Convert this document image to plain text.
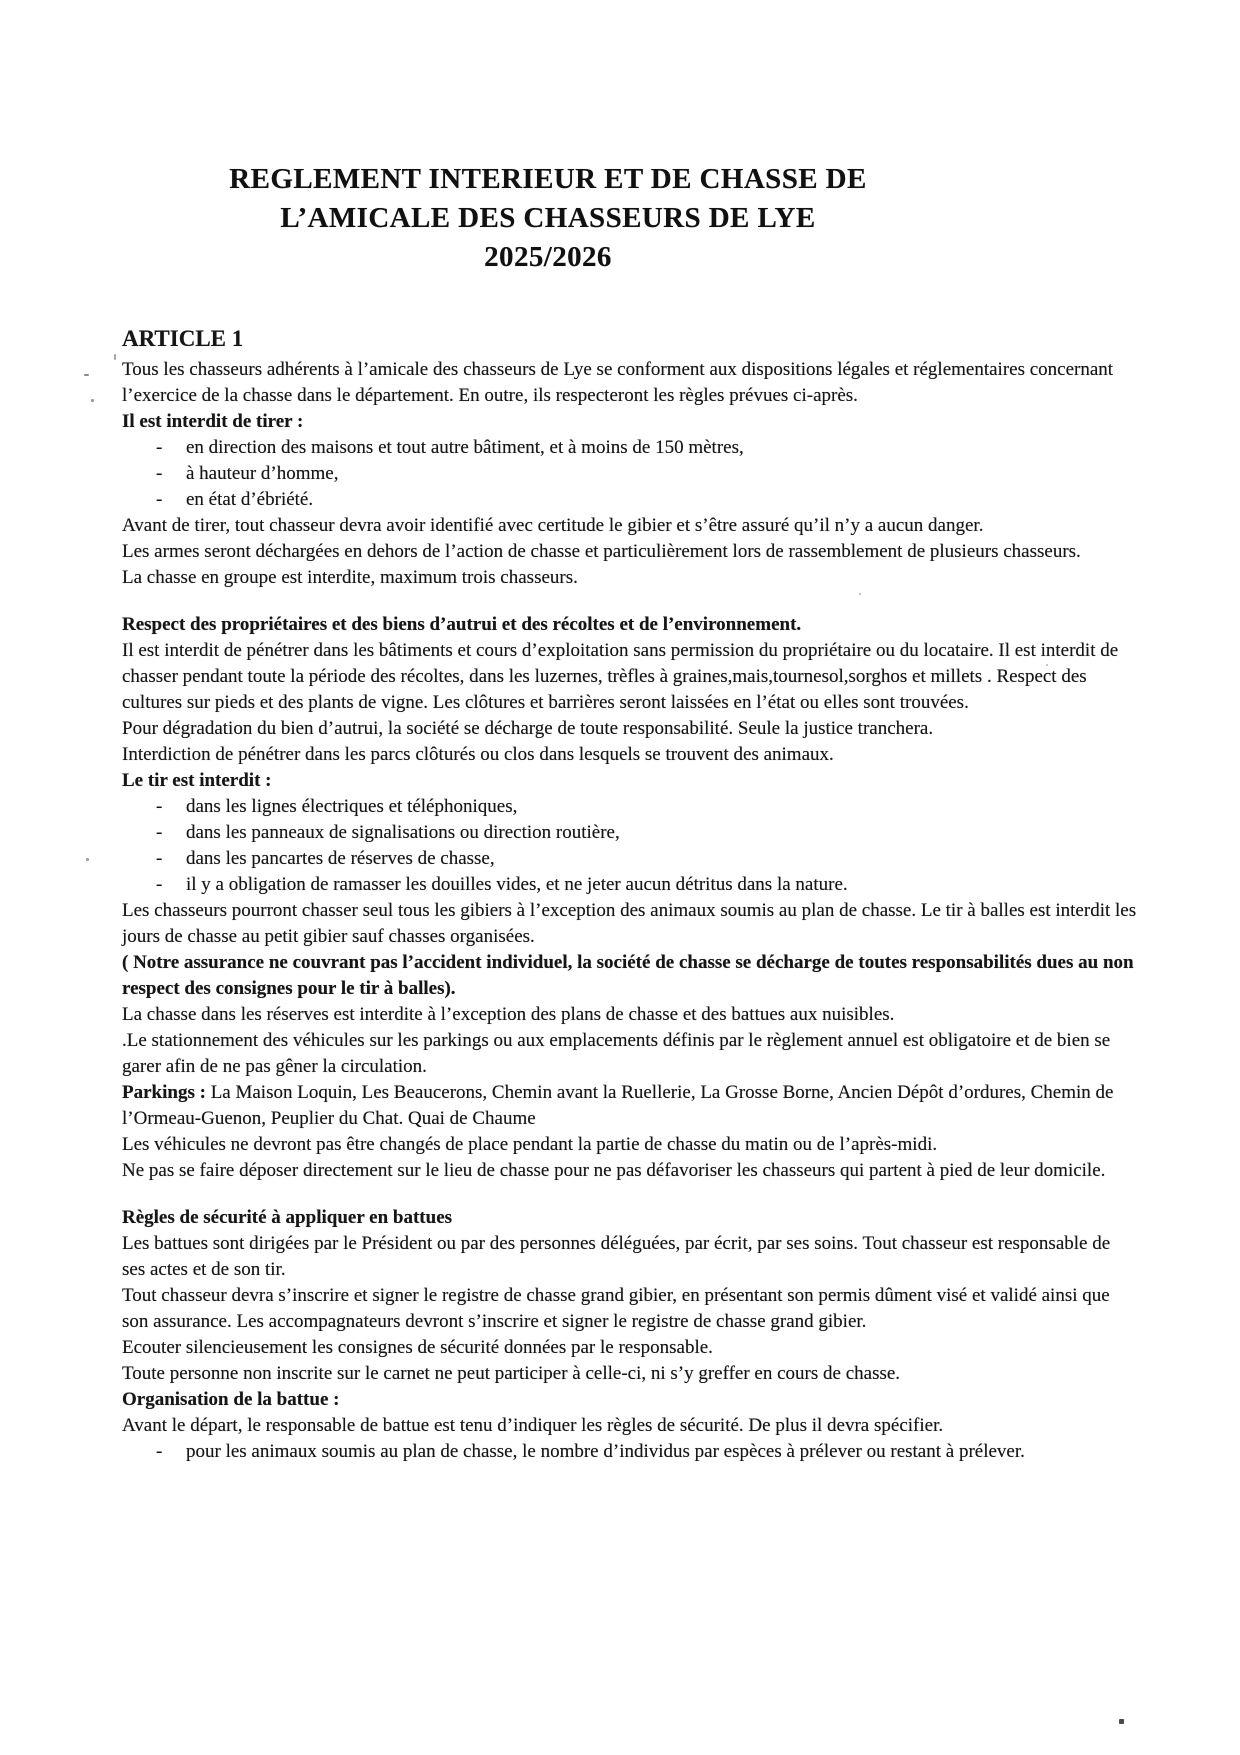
REGLEMENT INTERIEUR ET DE CHASSE DE
L’AMICALE DES CHASSEURS DE LYE
2025/2026
ARTICLE 1

Tous les chasseurs adhérents à l’amicale des chasseurs de Lye se conforment aux dispositions légales et réglementaires concernant l’exercice de la chasse dans le département. En outre, ils respecteront les règles prévues ci-après.

Il est interdit de tirer :

- en direction des maisons et tout autre bâtiment, et à moins de 150 mètres,
- à hauteur d’homme,
- en état d’ébriété.

Avant de tirer, tout chasseur devra avoir identifié avec certitude le gibier et s’être assuré qu’il n’y a aucun danger.

Les armes seront déchargées en dehors de l’action de chasse et particulièrement lors de rassemblement de plusieurs chasseurs.

La chasse en groupe est interdite, maximum trois chasseurs.

Respect des propriétaires et des biens d’autrui et des récoltes et de l’environnement.

Il est interdit de pénétrer dans les bâtiments et cours d’exploitation sans permission du propriétaire ou du locataire. Il est interdit de chasser pendant toute la période des récoltes, dans les luzernes, trèfles à graines,mais,tournesol,sorghos et millets . Respect des cultures sur pieds et des plants de vigne. Les clôtures et barrières seront laissées en l’état ou elles sont trouvées.

Pour dégradation du bien d’autrui, la société se décharge de toute responsabilité. Seule la justice tranchera.

Interdiction de pénétrer dans les parcs clôturés ou clos dans lesquels se trouvent des animaux.

Le tir est interdit :

- dans les lignes électriques et téléphoniques,
- dans les panneaux de signalisations ou direction routière,
- dans les pancartes de réserves de chasse,
- il y a obligation de ramasser les douilles vides, et ne jeter aucun détritus dans la nature.

Les chasseurs pourront chasser seul tous les gibiers à l’exception des animaux soumis au plan de chasse. Le tir à balles est interdit les jours de chasse au petit gibier sauf chasses organisées.

( Notre assurance ne couvrant pas l’accident individuel, la société de chasse se décharge de toutes responsabilités dues au non respect des consignes pour le tir à balles).

La chasse dans les réserves est interdite à l’exception des plans de chasse et des battues aux nuisibles.

.Le stationnement des véhicules sur les parkings ou aux emplacements définis par le règlement annuel est obligatoire et de bien se garer afin de ne pas gêner la circulation.

Parkings : La Maison Loquin, Les Beaucerons, Chemin avant la Ruellerie, La Grosse Borne, Ancien Dépôt d’ordures, Chemin de l’Ormeau-Guenon, Peuplier du Chat. Quai de Chaume

Les véhicules ne devront pas être changés de place pendant la partie de chasse du matin ou de l’après-midi.

Ne pas se faire déposer directement sur le lieu de chasse pour ne pas défavoriser les chasseurs qui partent à pied de leur domicile.

Règles de sécurité à appliquer en battues

Les battues sont dirigées par le Président ou par des personnes déléguées, par écrit, par ses soins. Tout chasseur est responsable de ses actes et de son tir.

Tout chasseur devra s’inscrire et signer le registre de chasse grand gibier, en présentant son permis dûment visé et validé ainsi que son assurance. Les accompagnateurs devront s’inscrire et signer le registre de chasse grand gibier.

Ecouter silencieusement les consignes de sécurité données par le responsable.

Toute personne non inscrite sur le carnet ne peut participer à celle-ci, ni s’y greffer en cours de chasse.

Organisation de la battue :

Avant le départ, le responsable de battue est tenu d’indiquer les règles de sécurité. De plus il devra spécifier.

- pour les animaux soumis au plan de chasse, le nombre d’individus par espèces à prélever ou restant à prélever.
